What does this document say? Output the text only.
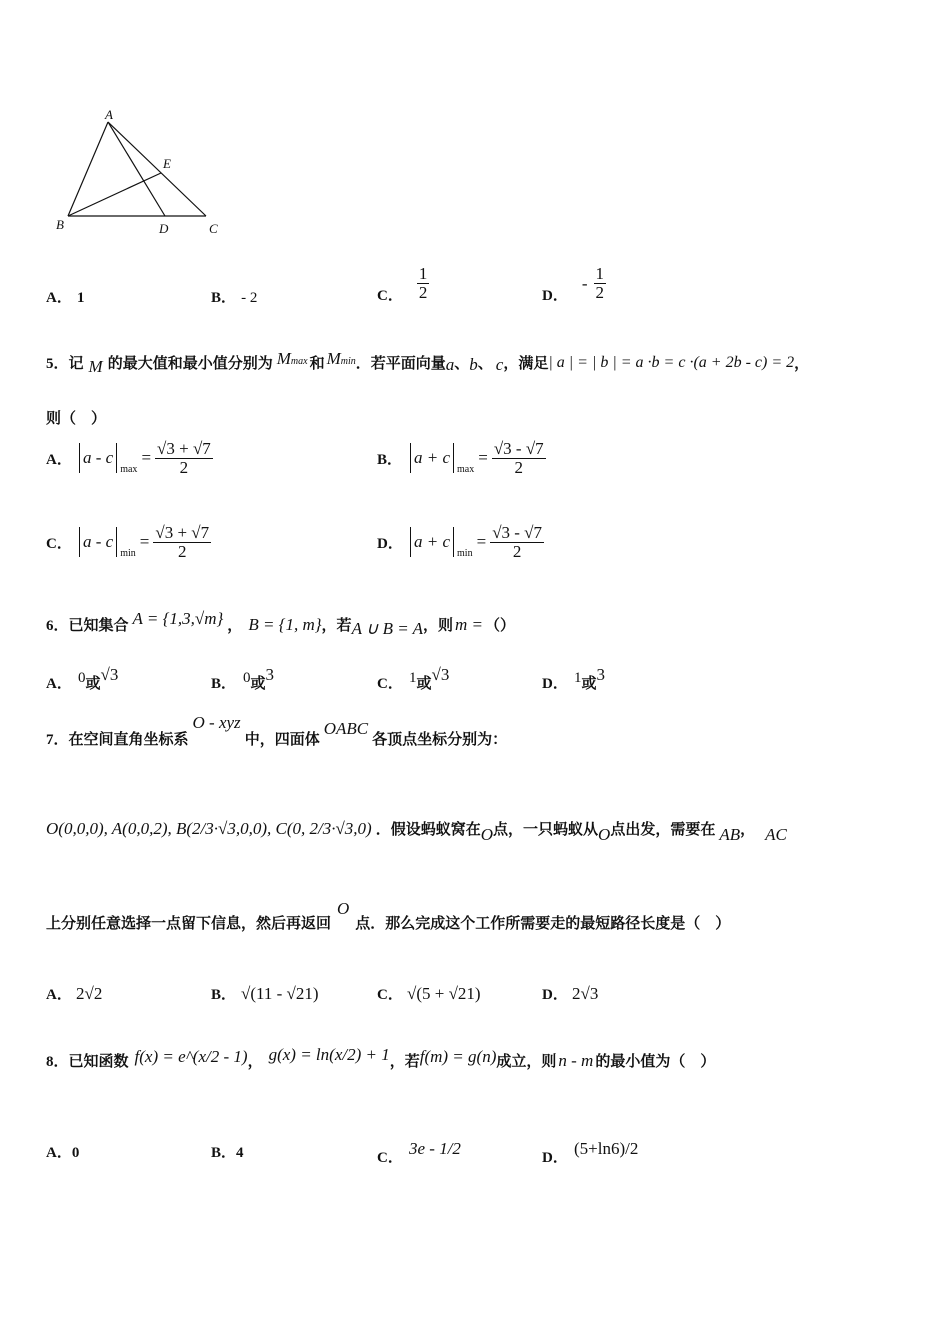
A
E
B	D	C
A． 1	B． - 2	C． $\frac{1}{2}$	D．
- $\frac{1}{2}$
5． 记 M 的最大值和最小值分别为 Mmax 和 Mmin ．若平面向量 a 、 b 、 c ，满足 | a | = | b | = a ·b = c ·(a + 2b - c) = 2 ，
则（　）
A． a - c
max
= $\frac{√3 + √7}{2}$	B． a + c
max
= $\frac{√3 - √7}{2}$
C． a - c
min
= $\frac{√3 + √7}{2}$	D． a + c
min
= $\frac{√3 - √7}{2}$
6． 已知集合 A = {1,3,√m} ， B = {1, m} ，若 A ∪ B = A ，则 m = （）
A． 0或√3	B． 0或3	C． 1或√3	D． 1或3
7． 在空间直角坐标系
O - xyz
中，四面体
OABC
各顶点坐标分别为：
O(0,0,0), A(0,0,2), B(2/3·√3,0,0), C(0, 2/3·√3,0) ．假设蚂蚁窝在 O 点，一只蚂蚁从 O 点出发，需要在 AB ， AC
上分别任意选择一点留下信息，然后再返回
O
点．那么完成这个工作所需要走的最短路径长度是（　）
A． 2√2	B． √(11 - √21)	C． √(5 + √21)	D． 2√3
8． 已知函数 f(x) = e^(x/2 - 1) ， g(x) = ln(x/2) + 1 ，若 f(m) = g(n) 成立，则 n - m 的最小值为（　）
A．0	B．4	C．
3e - 1/2
D．
(5+ln6)/2
